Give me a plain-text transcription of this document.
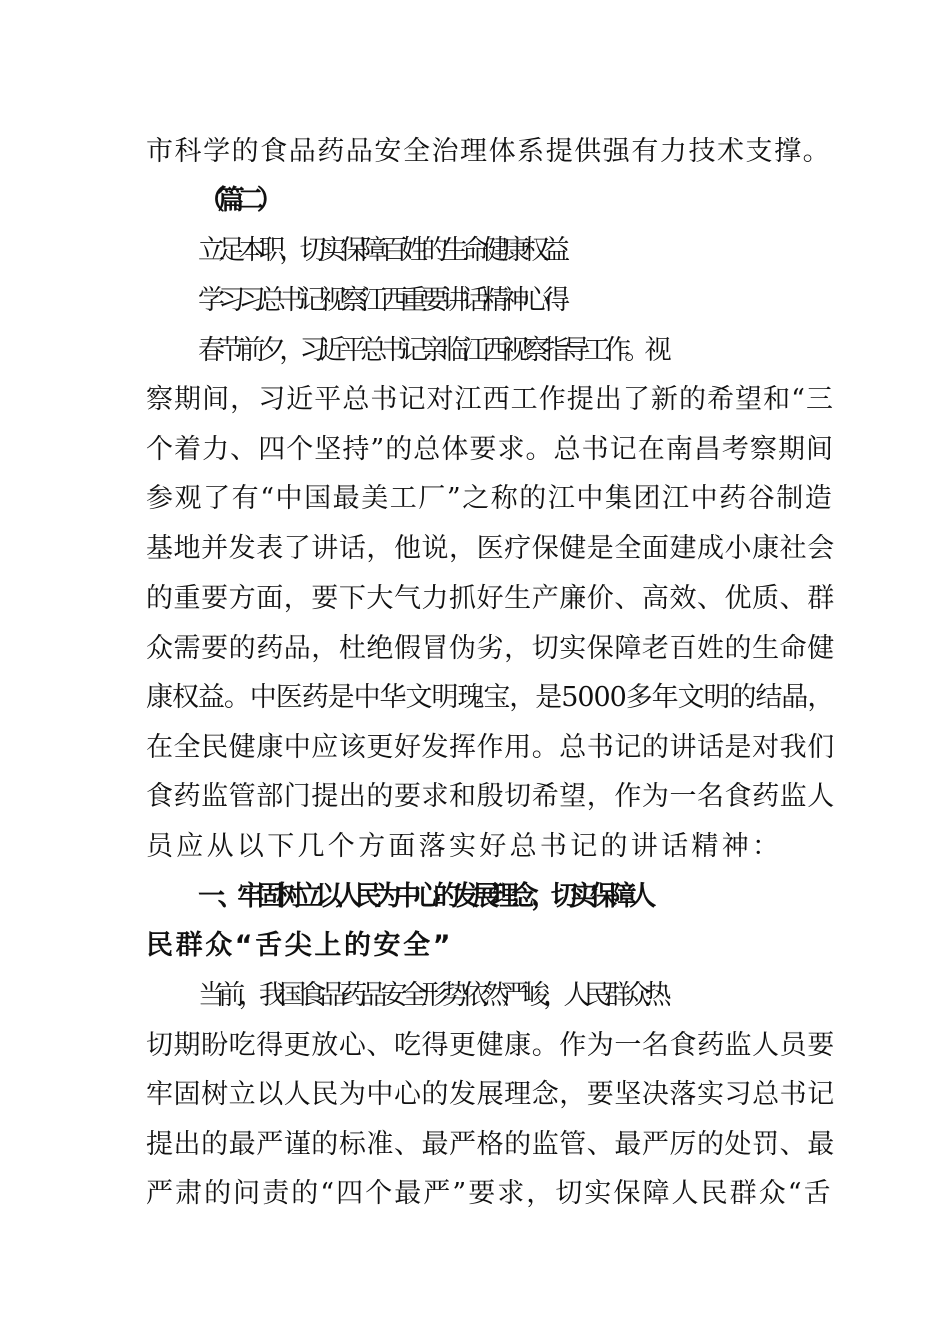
市科学的食品药品安全治理体系提供强有力技术支撑。
（篇二）
立足本职，切实保障百姓的生命健康权益
学习习总书记视察江西重要讲话精神心得
春节前夕，习近平总书记亲临江西视察指导工作。视
察期间，习近平总书记对江西工作提出了新的希望和“三
个着力、四个坚持”的总体要求。总书记在南昌考察期间
参观了有“中国最美工厂”之称的江中集团江中药谷制造
基地并发表了讲话，他说，医疗保健是全面建成小康社会
的重要方面，要下大气力抓好生产廉价、高效、优质、群
众需要的药品，杜绝假冒伪劣，切实保障老百姓的生命健
康权益。中医药是中华文明瑰宝，是5000多年文明的结晶，
在全民健康中应该更好发挥作用。总书记的讲话是对我们
食药监管部门提出的要求和殷切希望，作为一名食药监人
员应从以下几个方面落实好总书记的讲话精神：
一、牢固树立以人民为中心的发展理念，切实保障人
民群众“舌尖上的安全”
当前，我国食品药品安全形势依然严峻，人民群众热
切期盼吃得更放心、吃得更健康。作为一名食药监人员要
牢固树立以人民为中心的发展理念，要坚决落实习总书记
提出的最严谨的标准、最严格的监管、最严厉的处罚、最
严肃的问责的“四个最严”要求，切实保障人民群众“舌
